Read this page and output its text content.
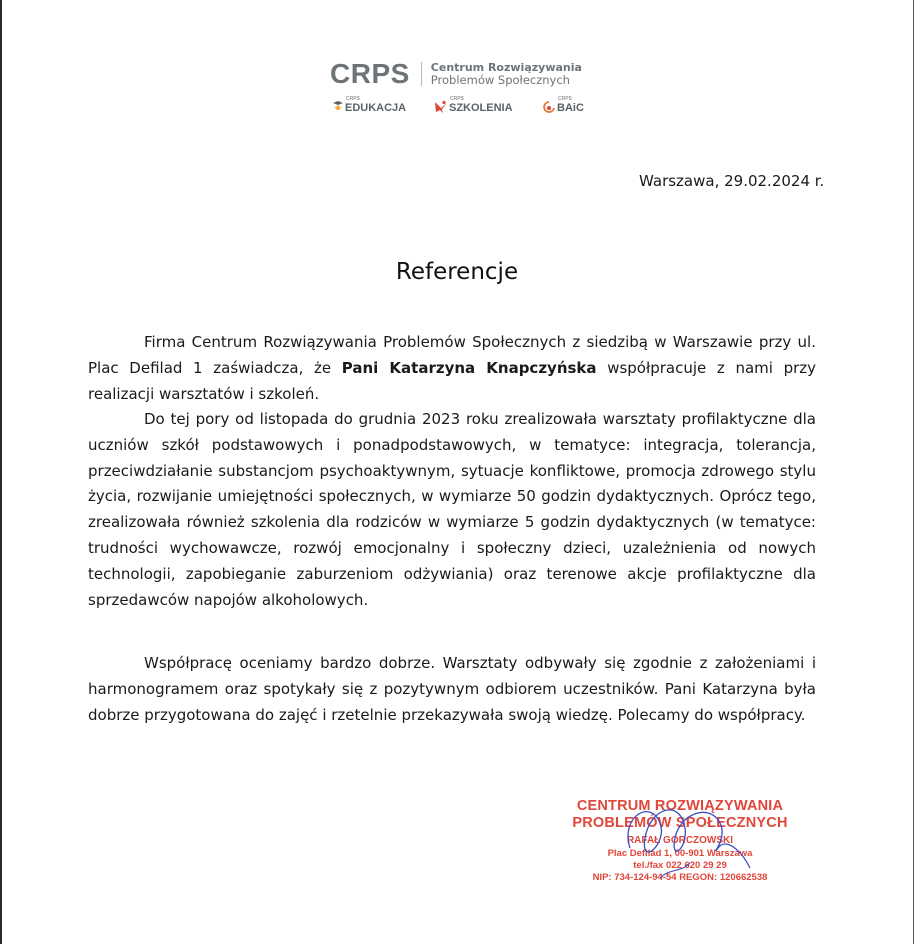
CRPS Centrum Rozwiązywania
Problemów Społecznych
CRPS
EDUKACJA
CRPS
SZKOLENIA
CRPS
BAiC
Warszawa, 29.02.2024 r.
Referencje

Firma Centrum Rozwiązywania Problemów Społecznych z siedzibą w Warszawie przy ul. Plac Defilad 1 zaświadcza, że Pani Katarzyna Knapczyńska współpracuje z nami przy realizacji warsztatów i szkoleń.

Do tej pory od listopada do grudnia 2023 roku zrealizowała warsztaty profilaktyczne dla uczniów szkół podstawowych i ponadpodstawowych, w tematyce: integracja, tolerancja, przeciwdziałanie substancjom psychoaktywnym, sytuacje konfliktowe, promocja zdrowego stylu życia, rozwijanie umiejętności społecznych, w wymiarze 50 godzin dydaktycznych. Oprócz tego, zrealizowała również szkolenia dla rodziców w wymiarze 5 godzin dydaktycznych (w tematyce: trudności wychowawcze, rozwój emocjonalny i społeczny dzieci, uzależnienia od nowych technologii, zapobieganie zaburzeniom odżywiania) oraz terenowe akcje profilaktyczne dla sprzedawców napojów alkoholowych.

Współpracę oceniamy bardzo dobrze. Warsztaty odbywały się zgodnie z założeniami i harmonogramem oraz spotykały się z pozytywnym odbiorem uczestników. Pani Katarzyna była dobrze przygotowana do zajęć i rzetelnie przekazywała swoją wiedzę. Polecamy do współpracy.

CENTRUM ROZWIĄZYWANIA
PROBLEMÓW SPOŁECZNYCH
RAFAŁ GORCZOWSKI
Plac Defilad 1, 00-901 Warszawa
tel./fax 022 620 29 29
NIP: 734-124-94-54 REGON: 120662538
